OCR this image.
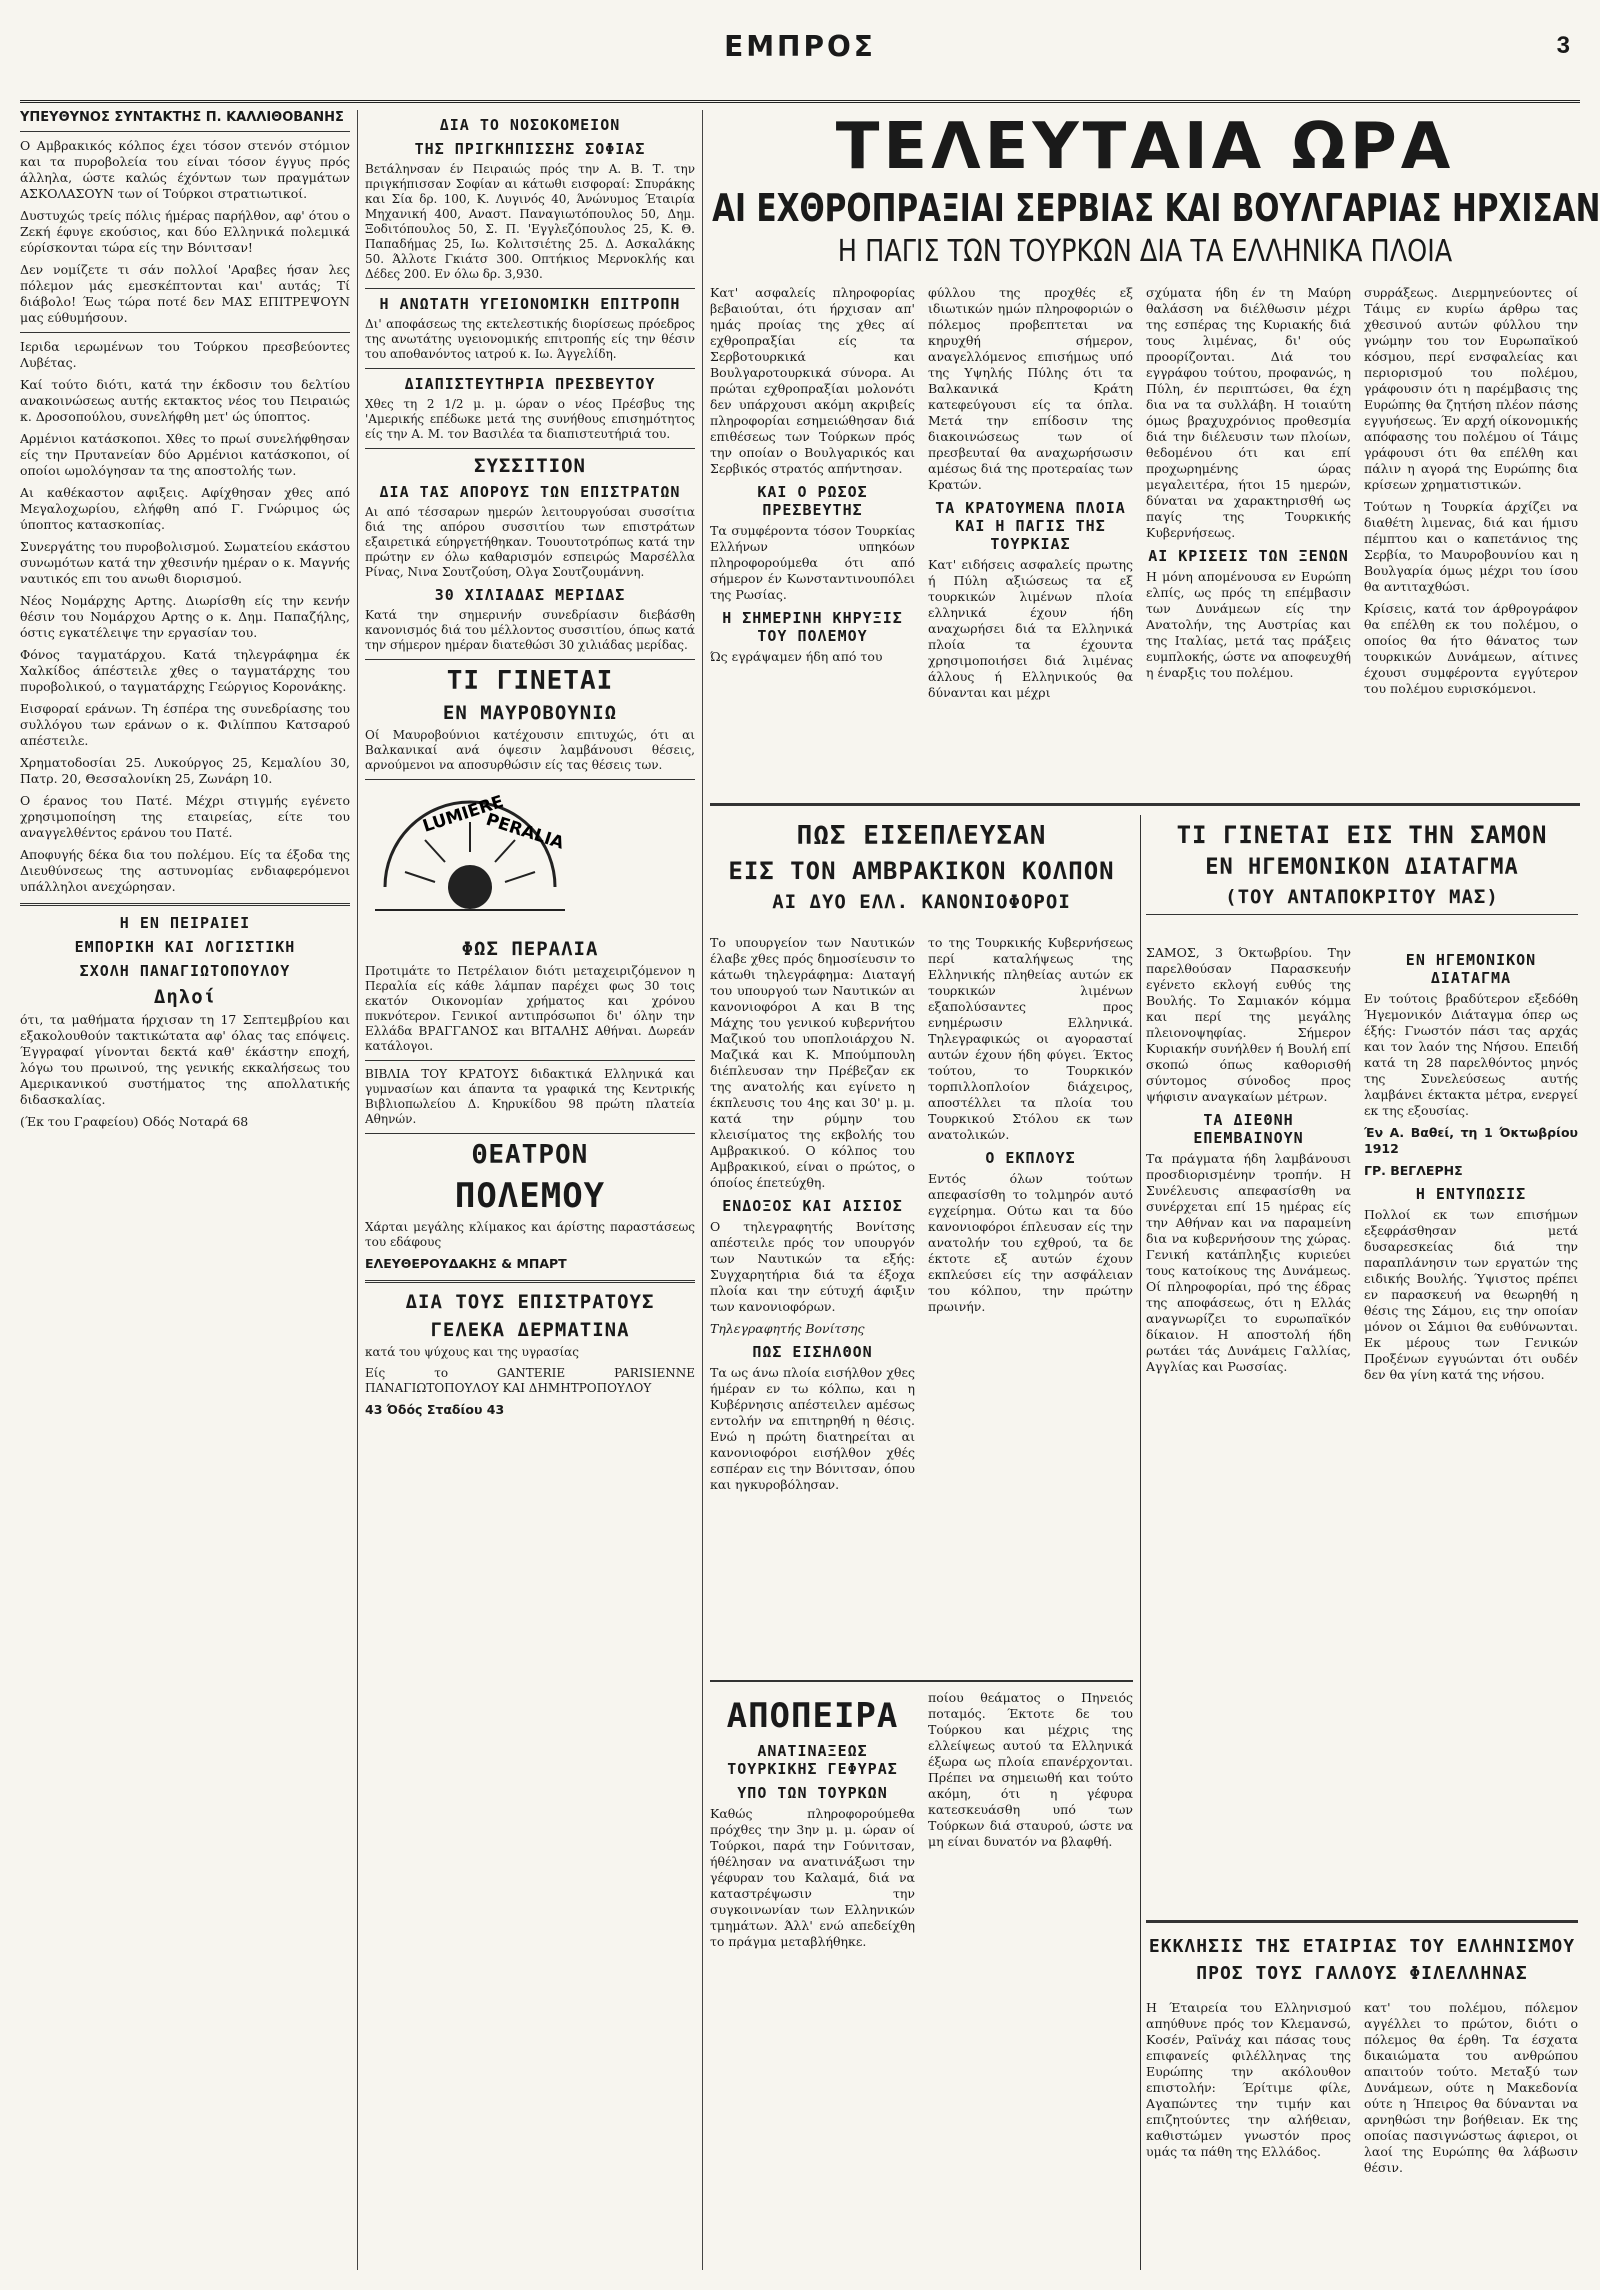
ΕΜΠΡΟΣ	3
ΥΠΕΥΘΥΝΟΣ ΣΥΝΤΑΚΤΗΣ Π. ΚΑΛΛΙΘΟΒΑΝΗΣ

Ο Αμβρακικός κόλπος έχει τόσον στενόν στόμιον και τα πυροβολεία του είναι τόσον έγγυς πρός άλληλα, ώστε καλώς έχόντων των πραγμάτων ΑΣΚΟΛΑΣΟΥΝ των οί Τούρκοι στρατιωτικοί.

Δυστυχώς τρείς πόλις ήμέρας παρήλθον, αφ' ότου ο Ζεκή έφυγε εκούσιος, και δύο Ελληνικά πολεμικά εύρίσκονται τώρα είς την Βόνιτσαν!

Δεν νομίζετε τι σάν πολλοί 'Αραβες ήσαν λες πόλεμον μάς εμεσκέπτονται και' αυτάς; Τί διάβολο! Έως τώρα ποτέ δεν ΜΑΣ ΕΠΙΤΡΕΨΟΥΝ μας εύθυμήσουν.

Ιεριδα ιερωμένων του Τούρκου πρεσβεύοντες Λυβέτας.

Καί τούτο διότι, κατά την έκδοσιν του δελτίου ανακοινώσεως αυτής εκτακτος νέος του Πειραιώς κ. Δροσοπούλου, συνελήφθη μετ' ώς ύποπτος.

Αρμένιοι κατάσκοποι. Χθες το πρωί συνελήφθησαν είς την Πρυτανείαν δύο Αρμένιοι κατάσκοποι, οί οποίοι ωμολόγησαν τα της αποστολής των.

Αι καθέκαστον αφιξεις. Αφίχθησαν χθες από Μεγαλοχωρίου, ελήφθη από Γ. Γνώριμος ώς ύποπτος κατασκοπίας.

Συνεργάτης του πυροβολισμού. Σωματείου εκάστου συνωμότων κατά την χθεσινήν ημέραν ο κ. Μαγνής ναυτικός επι του ανωθι διορισμού.

Νέος Νομάρχης Αρτης. Διωρίσθη είς την κενήν θέσιν του Νομάρχου Αρτης ο κ. Δημ. Παπαζήλης, όστις εγκατέλειψε την εργασίαν του.

Φόνος ταγματάρχου. Κατά τηλεγράφημα έκ Χαλκίδος άπέστειλε χθες ο ταγματάρχης του πυροβολικού, ο ταγματάρχης Γεώργιος Κορονάκης.

Εισφοραί εράνων. Τη έσπέρα της συνεδρίασης του συλλόγου των εράνων ο κ. Φιλίππου Κατσαρού απέστειλε.

Χρηματοδοσίαι 25. Λυκούργος 25, Κεμαλίου 30, Πατρ. 20, Θεσσαλονίκη 25, Ζωνάρη 10.

Ο έρανος του Πατέ. Μέχρι στιγμής εγένετο χρησιμοποίηση της εταιρείας, είτε του αναγγελθέντος εράνου του Πατέ.

Αποφυγής δέκα δια του πολέμου. Είς τα έξοδα της Διευθύνσεως της αστυνομίας ενδιαφερόμενοι υπάλληλοι ανεχώρησαν.

Η ΕΝ ΠΕΙΡΑΙΕΙ
ΕΜΠΟΡΙΚΗ ΚΑΙ ΛΟΓΙΣΤΙΚΗ
ΣΧΟΛΗ ΠΑΝΑΓΙΩΤΟΠΟΥΛΟΥ
Δηλοί

ότι, τα μαθήματα ήρχισαν τη 17 Σεπτεμβρίου και εξακολουθούν τακτικώτατα αφ' όλας τας επόψεις. Έγγραφαί γίνονται δεκτά καθ' έκάστην εποχή, λόγω του πρωινού, της γενικής εκκαλήσεως του Αμερικανικού συστήματος της απολλατικής διδασκαλίας.

(Έκ του Γραφείου) Οδός Νοταρά 68

ΔΙΑ ΤΟ ΝΟΣΟΚΟΜΕΙΟΝ
ΤΗΣ ΠΡΙΓΚΗΠΙΣΣΗΣ ΣΟΦΙΑΣ

Βετάληνσαν έν Πειραιώς πρός την Α. Β. Τ. την πριγκήπισσαν Σοφίαν αι κάτωθι εισφοραί: Σπυράκης και Σία δρ. 100, Κ. Λυγινός 40, Άνώνυμος Έταιρία Μηχανική 400, Αναστ. Παναγιωτόπουλος 50, Δημ. Ξοδιτόπουλος 50, Σ. Π. 'Εγγλεζόπουλος 25, Κ. Θ. Παπαδήμας 25, Ιω. Κολιτσιέτης 25. Δ. Ασκαλάκης 50. Άλλοτε Γκιάτσ 300. Οπτήκιος Μερνοκλής και Δέδες 200. Εν όλω δρ. 3,930.

Η ΑΝΩΤΑΤΗ ΥΓΕΙΟΝΟΜΙΚΗ ΕΠΙΤΡΟΠΗ

Δι' αποφάσεως της εκτελεστικής διορίσεως πρόεδρος της ανωτάτης υγειονομικής επιτροπής είς την θέσιν του αποθανόντος ιατρού κ. Ιω. Άγγελίδη.

ΔΙΑΠΙΣΤΕΥΤΗΡΙΑ ΠΡΕΣΒΕΥΤΟΥ

Χθες τη 2 1/2 μ. μ. ώραν ο νέος Πρέσβυς της 'Αμερικής επέδωκε μετά της συνήθους επισημότητος είς την Α. Μ. τον Βασιλέα τα διαπιστευτήριά του.

ΣΥΣΣΙΤΙΟΝ
ΔΙΑ ΤΑΣ ΑΠΟΡΟΥΣ ΤΩΝ ΕΠΙΣΤΡΑΤΩΝ

Αι από τέσσαρων ημερών λειτουργούσαι συσσίτια διά της απόρου συσσιτίου των επιστράτων εξαιρετικά εύηργετήθηκαν. Τουουτοτρόπως κατά την πρώτην εν όλω καθαρισμόν εσπειρώς Μαρσέλλα Ρίνας, Νινα Σουτζούση, Ολγα Σουτζουμάννη.

30 ΧΙΛΙΑΔΑΣ ΜΕΡΙΔΑΣ

Κατά την σημερινήν συνεδρίασιν διεβάσθη κανονισμός διά του μέλλοντος συσσιτίου, όπως κατά την σήμερον ημέραν διατεθώσι 30 χιλιάδας μερίδας.

ΤΙ ΓΙΝΕΤΑΙ
ΕΝ ΜΑΥΡΟΒΟΥΝΙΩ

Οί Μαυροβούνιοι κατέχουσιν επιτυχώς, ότι αι Βαλκανικαί ανά όψεσιν λαμβάνουσι θέσεις, αρνούμενοι να αποσυρθώσιν είς τας θέσεις των.

LUMIERE
PERALIA
ΦΩΣ ΠΕΡΑΛΙΑ

Προτιμάτε το Πετρέλαιον διότι μεταχειριζόμενον η Περαλία είς κάθε λάμπαν παρέχει φως 30 τοις εκατόν Οικονομίαν χρήματος και χρόνου πυκνότερον. Γενικοί αντιπρόσωποι δι' όλην την Ελλάδα ΒΡΑΓΓΑΝΟΣ και ΒΙΤΑΛΗΣ Αθήναι. Δωρεάν κατάλογοι.

ΒΙΒΛΙΑ ΤΟΥ ΚΡΑΤΟΥΣ διδακτικά Ελληνικά και γυμνασίων και άπαντα τα γραφικά της Κεντρικής Βιβλιοπωλείου Δ. Κηρυκίδου 98 πρώτη πλατεία Αθηνών.

ΘΕΑΤΡΟΝ
ΠΟΛΕΜΟΥ

Χάρται μεγάλης κλίμακος και άρίστης παραστάσεως του εδάφους

ΕΛΕΥΘΕΡΟΥΔΑΚΗΣ & ΜΠΑΡΤ

ΔΙΑ ΤΟΥΣ ΕΠΙΣΤΡΑΤΟΥΣ
ΓΕΛΕΚΑ ΔΕΡΜΑΤΙΝΑ

κατά του ψύχους και της υγρασίας

Είς το GANTERIE PARISIENNE ΠΑΝΑΓΙΩΤΟΠΟΥΛΟΥ ΚΑΙ ΔΗΜΗΤΡΟΠΟΥΛΟΥ

43 Όδός Σταδίου 43

ΤΕΛΕΥΤΑΙΑ ΩΡΑ
ΑΙ ΕΧΘΡΟΠΡΑΞΙΑΙ ΣΕΡΒΙΑΣ ΚΑΙ ΒΟΥΛΓΑΡΙΑΣ ΗΡΧΙΣΑΝ
Η ΠΑΓΙΣ ΤΩΝ ΤΟΥΡΚΩΝ ΔΙΑ ΤΑ ΕΛΛΗΝΙΚΑ ΠΛΟΙΑ

Κατ' ασφαλείς πληροφορίας βεβαιούται, ότι ήρχισαν απ' ημάς προίας της χθες αί εχθροπραξίαι είς τα Σερβοτουρκικά και Βουλγαροτουρκικά σύνορα. Αι πρώται εχθροπραξίαι μολονότι δεν υπάρχουσι ακόμη ακριβείς πληροφορίαι εσημειώθησαν διά επιθέσεως των Τούρκων πρός την οποίαν ο Βουλγαρικός και Σερβικός στρατός απήντησαν.

ΚΑΙ Ο ΡΩΣΟΣ ΠΡΕΣΒΕΥΤΗΣ

Τα συμφέροντα τόσον Τουρκίας Ελλήνων υπηκόων πληροφορούμεθα ότι από σήμερον έν Κωνσταντινουπόλει της Ρωσίας.

Η ΣΗΜΕΡΙΝΗ ΚΗΡΥΞΙΣ ΤΟΥ ΠΟΛΕΜΟΥ

Ώς εγράψαμεν ήδη από του

φύλλου της προχθές εξ ιδιωτικών ημών πληροφοριών ο πόλεμος προβεπτεται να κηρυχθή σήμερον, αναγελλόμενος επισήμως υπό της Υψηλής Πύλης ότι τα Βαλκανικά Κράτη κατεφεύγουσι είς τα όπλα. Μετά την επίδοσιν της διακοινώσεως των οί πρεσβευταί θα αναχωρήσωσιν αμέσως διά της προτεραίας των Κρατών.

ΤΑ ΚΡΑΤΟΥΜΕΝΑ ΠΛΟΙΑ ΚΑΙ Η ΠΑΓΙΣ ΤΗΣ ΤΟΥΡΚΙΑΣ

Κατ' ειδήσεις ασφαλείς πρωτης ή Πύλη αξιώσεως τα εξ τουρκικών λιμένων πλοία ελληνικά έχουν ήδη αναχωρήσει διά τα Ελληνικά πλοία τα έχουντα χρησιμοποιήσει διά λιμένας άλλους ή Ελληνικούς θα δύνανται και μέχρι

σχύματα ήδη έν τη Μαύρη θαλάσση να διέλθωσιν μέχρι της εσπέρας της Κυριακής διά τους λιμένας, δι' ούς προορίζονται. Διά του εγγράφου τούτου, προφανώς, η Πύλη, έν περιπτώσει, θα έχη δια να τα συλλάβη. Η τοιαύτη όμως βραχυχρόνιος προθεσμία διά την διέλευσιν των πλοίων, θεδομένου ότι και επί προχωρημένης ώρας μεγαλειτέρα, ήτοι 15 ημερών, δύναται να χαρακτηρισθή ως παγίς της Τουρκικής Κυβερνήσεως.

ΑΙ ΚΡΙΣΕΙΣ ΤΩΝ ΞΕΝΩΝ

Η μόνη απομένουσα εν Ευρώπη ελπίς, ως πρός τη επέμβασιν των Δυνάμεων είς την Ανατολήν, της Αυστρίας και της Ιταλίας, μετά τας πράξεις ευμπλοκής, ώστε να αποφευχθή η έναρξις του πολέμου.

συρράξεως. Διερμηνεύοντες οί Τάιμς εν κυρίω άρθρω τας χθεσινού αυτών φύλλου την γνώμην του τον Ευρωπαϊκού κόσμου, περί ενσφαλείας και περιορισμού του πολέμου, γράφουσιν ότι η παρέμβασις της Ευρώπης θα ζητήση πλέον πάσης εγγυήσεως. Έν αρχή οίκονομικής απόφασης του πολέμου οί Τάιμς γράφουσι ότι θα επέλθη και πάλιν η αγορά της Ευρώπης δια κρίσεων χρηματιστικών.

Τούτων η Τουρκία άρχίζει να διαθέτη λιμενας, διά και ήμισυ πέμπτου και ο καπετάνιος της Σερβία, το Μαυροβουνίου και η Βουλγαρία όμως μέχρι του ίσου θα αντιταχθώσι.

Κρίσεις, κατά τον άρθρογράφον θα επέλθη εκ του πολέμου, ο οποίος θα ήτο θάνατος των τουρκικών Δυνάμεων, αίτινες έχουσι συμφέροντα εγγύτερον του πολέμου ευρισκόμενοι.

ΠΩΣ ΕΙΣΕΠΛΕΥΣΑΝ
ΕΙΣ ΤΟΝ ΑΜΒΡΑΚΙΚΟΝ ΚΟΛΠΟΝ
ΑΙ ΔΥΟ ΕΛΛ. ΚΑΝΟΝΙΟΦΟΡΟΙ

Το υπουργείον των Ναυτικών έλαβε χθες πρός δημοσίευσιν το κάτωθι τηλεγράφημα: Διαταγή του υπουργού των Ναυτικών αι κανονιοφόροι Α και Β της Μάχης του γενικού κυβερνήτου Μαζικού του υποπλοιάρχου Ν. Μαζικά και Κ. Μπούμπουλη διέπλευσαν την Πρέβεζαν εκ της ανατολής και εγίνετο η έκπλευσις του 4ης και 30' μ. μ. κατά την ρύμην του κλεισίματος της εκβολής του Αμβρακικού. Ο κόλπος του Αμβρακικού, είναι ο πρώτος, ο όποίος έπετεύχθη.

ΕΝΔΟΞΟΣ ΚΑΙ ΑΙΣΙΟΣ

Ο τηλεγραφητής Βονίτσης απέστειλε πρός τον υπουργόν των Ναυτικών τα εξής: Συγχαρητήρια διά τα έξοχα πλοία και την εύτυχή άφιξιν των κανονιοφόρων.

Τηλεγραφητής Βονίτσης

ΠΩΣ ΕΙΣΗΛΘΟΝ

Τα ως άνω πλοία εισήλθον χθες ήμέραν εν τω κόλπω, και η Κυβέρνησις απέστειλεν αμέσως εντολήν να επιτηρηθή η θέσις. Ενώ η πρώτη διατηρείται αι κανονιοφόροι εισήλθον χθές εσπέραν εις την Βόνιτσαν, όπου και ηγκυροβόλησαν.

το της Τουρκικής Κυβερνήσεως περί καταλήψεως της Ελληνικής πληθείας αυτών εκ τουρκικών λιμένων εξαπολύσαντες προς ενημέρωσιν Ελληνικά. Τηλεγραφικώς οι αγορασταί αυτών έχουν ήδη φύγει. Έκτος τούτου, το Τουρκικόν τορπιλλοπλοίον διάχειρος, αποστέλλει τα πλοία του Τουρκικού Στόλου εκ των ανατολικών.

Ο ΕΚΠΛΟΥΣ

Εντός όλων τούτων απεφασίσθη το τολμηρόν αυτό εγχείρημα. Ούτω και τα δύο κανονιοφόροι έπλευσαν είς την ανατολήν του εχθρού, τα δε έκτοτε εξ αυτών έχουν εκπλεύσει είς την ασφάλειαν του κόλπου, την πρώτην πρωινήν.

ΑΠΟΠΕΙΡΑ
ΑΝΑΤΙΝΑΞΕΩΣ ΤΟΥΡΚΙΚΗΣ ΓΕΦΥΡΑΣ
ΥΠΟ ΤΩΝ ΤΟΥΡΚΩΝ

Καθώς πληροφορούμεθα πρόχθες την 3ην μ. μ. ώραν οί Τούρκοι, παρά την Γούνιτσαν, ήθέλησαν να ανατινάξωσι την γέφυραν του Καλαμά, διά να καταστρέψωσιν την συγκοινωνίαν των Ελληνικών τμημάτων. Άλλ' ενώ απεδείχθη το πράγμα μεταβλήθηκε.

ποίου θεάματος ο Πηνειός ποταμός. Έκτοτε δε του Τούρκου και μέχρις της ελλείψεως αυτού τα Ελληνικά έξωρα ως πλοία επανέρχονται. Πρέπει να σημειωθή και τούτο ακόμη, ότι η γέφυρα κατεσκευάσθη υπό των Τούρκων διά σταυρού, ώστε να μη είναι δυνατόν να βλαφθή.

ΤΙ ΓΙΝΕΤΑΙ ΕΙΣ ΤΗΝ ΣΑΜΟΝ
ΕΝ ΗΓΕΜΟΝΙΚΟΝ ΔΙΑΤΑΓΜΑ
(ΤΟΥ ΑΝΤΑΠΟΚΡΙΤΟΥ ΜΑΣ)

ΣΑΜΟΣ, 3 Όκτωβρίου. Την παρελθούσαν Παρασκευήν εγένετο εκλογή ευθύς της Βουλής. Το Σαμιακόν κόμμα και περί της μεγάλης πλειονοψηφίας. Σήμερον Κυριακήν συνήλθεν ή Βουλή επί σκοπώ όπως καθορισθή σύντομος σύνοδος προς ψήφισιν αναγκαίων μέτρων.

ΤΑ ΔΙΕΘΝΗ ΕΠΕΜΒΑΙΝΟΥΝ

Τα πράγματα ήδη λαμβάνουσι προσδιορισμένην τροπήν. Η Συνέλευσις απεφασίσθη να συνέρχεται επί 15 ημέρας είς την Αθήναν και να παραμείνη δια να κυβερνήσουν της χώρας. Γενική κατάπληξις κυριεύει τους κατοίκους της Δυνάμεως. Οί πληροφορίαι, πρό της έδρας της αποφάσεως, ότι η Ελλάς αναγνωρίζει το ευρωπαϊκόν δίκαιον. Η αποστολή ήδη ρωτάει τάς Δυνάμεις Γαλλίας, Αγγλίας και Ρωσσίας.

ΕΝ ΗΓΕΜΟΝΙΚΟΝ ΔΙΑΤΑΓΜΑ

Εν τούτοις βραδύτερον εξεδόθη Ήγεμονικόν Διάταγμα όπερ ως έξής: Γνωστόν πάσι τας αρχάς και τον λαόν της Νήσου. Επειδή κατά τη 28 παρελθόντος μηνός της Συνελεύσεως αυτής λαμβάνει έκτακτα μέτρα, ενεργεί εκ της εξουσίας.

Έν Α. Βαθεί, τη 1 Όκτωβρίου 1912

ΓΡ. ΒΕΓΛΕΡΗΣ

Η ΕΝΤΥΠΩΣΙΣ

Πολλοί εκ των επισήμων εξεφράσθησαν μετά δυσαρεσκείας διά την παραπλάνησιν των εργατών της ειδικής Βουλής. Ύψιστος πρέπει εν παρασκευή να θεωρηθή η θέσις της Σάμου, εις την οποίαν μόνον οι Σάμιοι θα ευθύνωνται. Εκ μέρους των Γενικών Προξένων εγγυώνται ότι ουδέν δεν θα γίνη κατά της νήσου.

ΕΚΚΛΗΣΙΣ ΤΗΣ ΕΤΑΙΡΙΑΣ ΤΟΥ ΕΛΛΗΝΙΣΜΟΥ
ΠΡΟΣ ΤΟΥΣ ΓΑΛΛΟΥΣ ΦΙΛΕΛΛΗΝΑΣ

Η Έταιρεία του Ελληνισμού απηύθυνε πρός τον Κλεμανσώ, Κοσέν, Ραϊνάχ και πάσας τους επιφανείς φιλέλληνας της Ευρώπης την ακόλουθον επιστολήν: Έρίτιμε φίλε, Αγαπώντες την τιμήν και επιζητούντες την αλήθειαν, καθιστώμεν γνωστόν προς υμάς τα πάθη της Ελλάδος.

κατ' του πολέμου, πόλεμον αγγέλλει το πρώτον, διότι ο πόλεμος θα έρθη. Τα έσχατα δικαιώματα του ανθρώπου απαιτούν τούτο. Μεταξύ των Δυνάμεων, ούτε η Μακεδονία ούτε η Ήπειρος θα δύνανται να αρνηθώσι την βοήθειαν. Εκ της οποίας πασιγνώστως άφιεροι, οι λαοί της Ευρώπης θα λάβωσιν θέσιν.
